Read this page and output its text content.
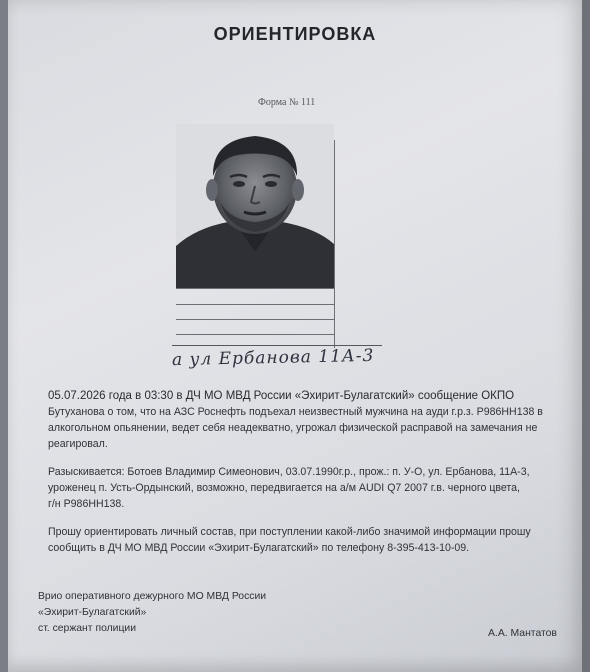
ОРИЕНТИРОВКА
Форма № 111
а ул Ербанова 11А-3
05.07.2026 года в 03:30 в ДЧ МО МВД России «Эхирит-Булагатский» сообщение ОКПО
Бутуханова о том, что на АЗС Роснефть подъехал неизвестный мужчина на ауди г.р.з. Р986НН138 в
алкогольном опьянении, ведет себя неадекватно, угрожал физической расправой на замечания не
реагировал.
Разыскивается: Ботоев Владимир Симеонович, 03.07.1990г.р., прож.: п. У-О, ул. Ербанова, 11А-3,
уроженец п. Усть-Ордынский, возможно, передвигается на а/м AUDI Q7 2007 г.в. черного цвета,
г/н Р986НН138.
Прошу ориентировать личный состав, при поступлении какой-либо значимой информации прошу
сообщить в ДЧ МО МВД России «Эхирит-Булагатский» по телефону 8-395-413-10-09.
Врио оперативного дежурного МО МВД России
«Эхирит-Булагатский»
ст. сержант полиции	А.А. Мантатов
